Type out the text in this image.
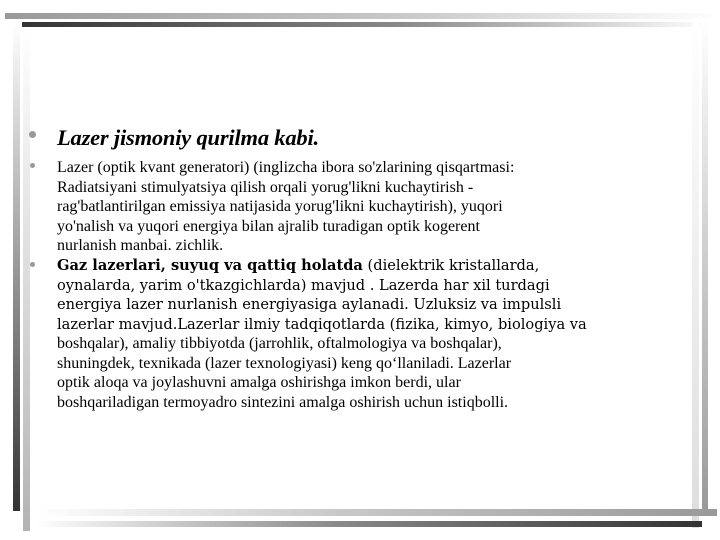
Lazer jismoniy qurilma kabi.
Lazer (optik kvant generatori) (inglizcha ibora so'zlarining qisqartmasi:
Radiatsiyani stimulyatsiya qilish orqali yorug'likni kuchaytirish -
rag'batlantirilgan emissiya natijasida yorug'likni kuchaytirish), yuqori
yo'nalish va yuqori energiya bilan ajralib turadigan optik kogerent
nurlanish manbai. zichlik.
Gaz lazerlari, suyuq va qattiq holatda (dielektrik kristallarda,
oynalarda, yarim o'tkazgichlarda) mavjud . Lazerda har xil turdagi
energiya lazer nurlanish energiyasiga aylanadi. Uzluksiz va impulsli
lazerlar mavjud.Lazerlar ilmiy tadqiqotlarda (fizika, kimyo, biologiya va
boshqalar), amaliy tibbiyotda (jarrohlik, oftalmologiya va boshqalar),
shuningdek, texnikada (lazer texnologiyasi) keng qo‘llaniladi. Lazerlar
optik aloqa va joylashuvni amalga oshirishga imkon berdi, ular
boshqariladigan termoyadro sintezini amalga oshirish uchun istiqbolli.
